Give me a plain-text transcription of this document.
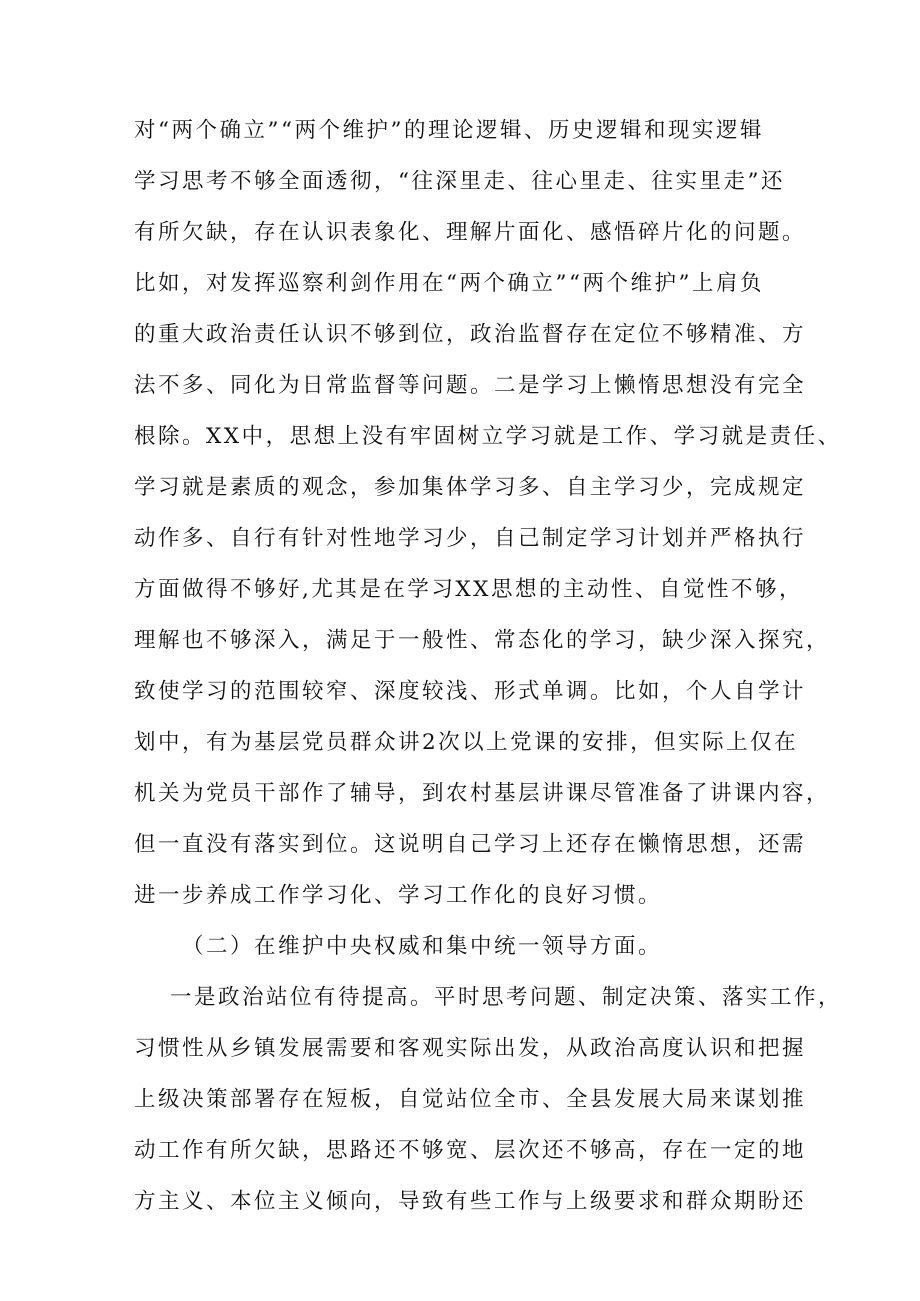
对“两个确立”“两个维护”的理论逻辑、历史逻辑和现实逻辑
学习思考不够全面透彻，“往深里走、往心里走、往实里走”还
有所欠缺，存在认识表象化、理解片面化、感悟碎片化的问题。
比如，对发挥巡察利剑作用在“两个确立”“两个维护”上肩负
的重大政治责任认识不够到位，政治监督存在定位不够精准、方
法不多、同化为日常监督等问题。二是学习上懒惰思想没有完全
根除。XX中，思想上没有牢固树立学习就是工作、学习就是责任、
学习就是素质的观念，参加集体学习多、自主学习少，完成规定
动作多、自行有针对性地学习少，自己制定学习计划并严格执行
方面做得不够好,尤其是在学习XX思想的主动性、自觉性不够，
理解也不够深入，满足于一般性、常态化的学习，缺少深入探究，
致使学习的范围较窄、深度较浅、形式单调。比如，个人自学计
划中，有为基层党员群众讲2次以上党课的安排，但实际上仅在
机关为党员干部作了辅导，到农村基层讲课尽管准备了讲课内容，
但一直没有落实到位。这说明自己学习上还存在懒惰思想，还需
进一步养成工作学习化、学习工作化的良好习惯。
（二）在维护中央权威和集中统一领导方面。
一是政治站位有待提高。平时思考问题、制定决策、落实工作，
习惯性从乡镇发展需要和客观实际出发，从政治高度认识和把握
上级决策部署存在短板，自觉站位全市、全县发展大局来谋划推
动工作有所欠缺，思路还不够宽、层次还不够高，存在一定的地
方主义、本位主义倾向，导致有些工作与上级要求和群众期盼还
